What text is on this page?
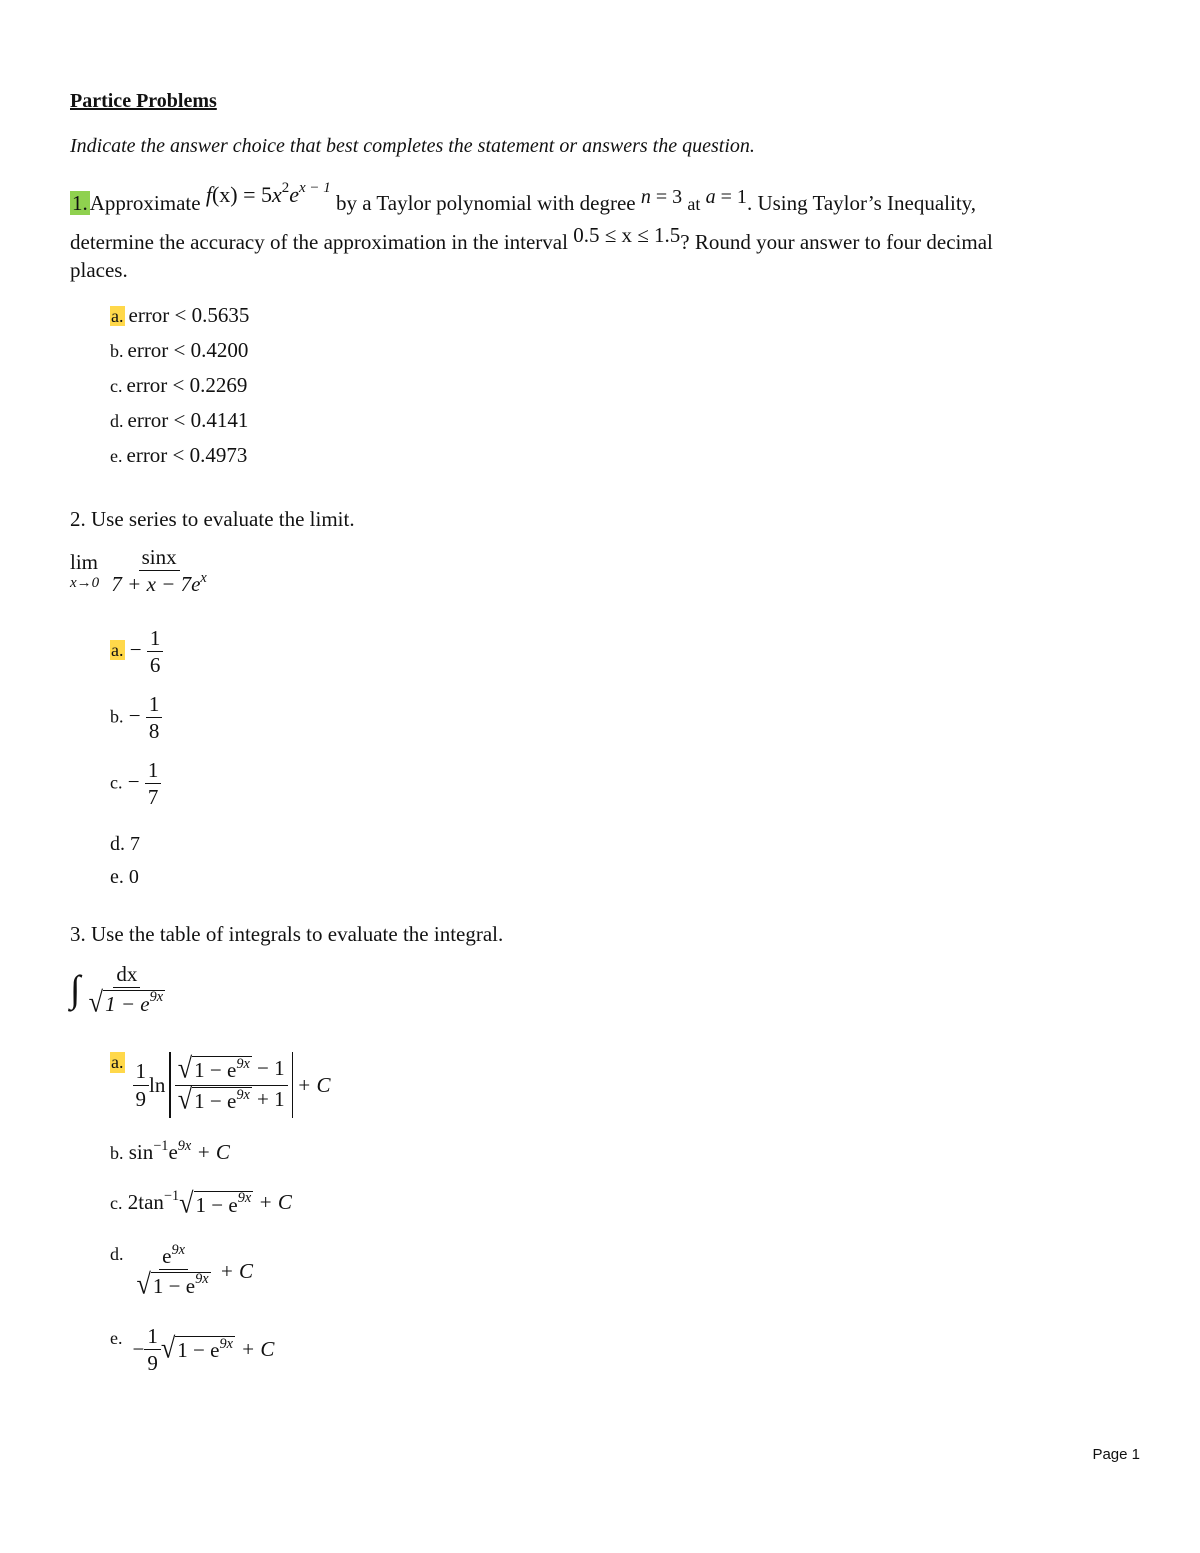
Partice Problems
Indicate the answer choice that best completes the statement or answers the question.
1.Approximate $f(x) = 5x^2e^{x - 1}$ by a Taylor polynomial with degree n = 3 at a = 1. Using Taylor’s Inequality,
determine the accuracy of the approximation in the interval 0.5 ≤ x ≤ 1.5? Round your answer to four decimal
places.
a. error < 0.5635
b. error < 0.4200
c. error < 0.2269
d. error < 0.4141
e. error < 0.4973
2. Use series to evaluate the limit.
lim
x→0
$\frac{\sin x}{7 + x - 7e^x}$
a. − $\frac{1}{6}$
b. − $\frac{1}{8}$
c. − $\frac{1}{7}$
d. 7
e. 0
3. Use the table of integrals to evaluate the integral.
∫ $\frac{dx}{√ 1 - e^{9x}}$
a. $\frac{1}{9}$ $\ln \frac{√ 1 - e^{9x} - 1}{√ 1 - e^{9x} + 1} + C$
b. $\sin^{-1}e^{9x} + C$
c. $2\tan^{-1}$ √ $1 - e^{9x} + C$
d. $\frac{e^{9x}}{√ 1 - e^{9x}} + C$
e. − $\frac{1}{9}$ √ $1 - e^{9x} + C$
Page 1
